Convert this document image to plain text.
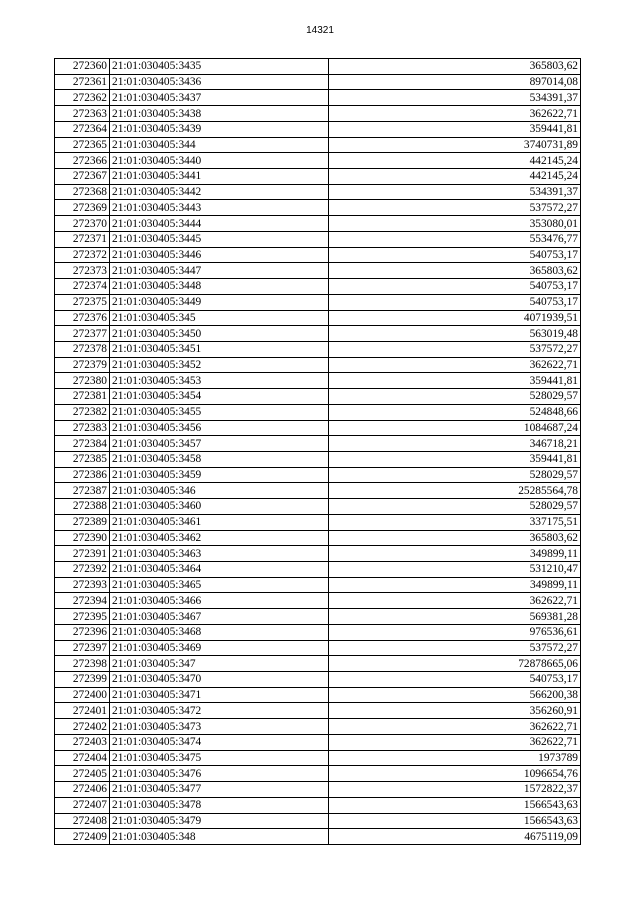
14321
272360	21:01:030405:3435	365803,62
272361	21:01:030405:3436	897014,08
272362	21:01:030405:3437	534391,37
272363	21:01:030405:3438	362622,71
272364	21:01:030405:3439	359441,81
272365	21:01:030405:344	3740731,89
272366	21:01:030405:3440	442145,24
272367	21:01:030405:3441	442145,24
272368	21:01:030405:3442	534391,37
272369	21:01:030405:3443	537572,27
272370	21:01:030405:3444	353080,01
272371	21:01:030405:3445	553476,77
272372	21:01:030405:3446	540753,17
272373	21:01:030405:3447	365803,62
272374	21:01:030405:3448	540753,17
272375	21:01:030405:3449	540753,17
272376	21:01:030405:345	4071939,51
272377	21:01:030405:3450	563019,48
272378	21:01:030405:3451	537572,27
272379	21:01:030405:3452	362622,71
272380	21:01:030405:3453	359441,81
272381	21:01:030405:3454	528029,57
272382	21:01:030405:3455	524848,66
272383	21:01:030405:3456	1084687,24
272384	21:01:030405:3457	346718,21
272385	21:01:030405:3458	359441,81
272386	21:01:030405:3459	528029,57
272387	21:01:030405:346	25285564,78
272388	21:01:030405:3460	528029,57
272389	21:01:030405:3461	337175,51
272390	21:01:030405:3462	365803,62
272391	21:01:030405:3463	349899,11
272392	21:01:030405:3464	531210,47
272393	21:01:030405:3465	349899,11
272394	21:01:030405:3466	362622,71
272395	21:01:030405:3467	569381,28
272396	21:01:030405:3468	976536,61
272397	21:01:030405:3469	537572,27
272398	21:01:030405:347	72878665,06
272399	21:01:030405:3470	540753,17
272400	21:01:030405:3471	566200,38
272401	21:01:030405:3472	356260,91
272402	21:01:030405:3473	362622,71
272403	21:01:030405:3474	362622,71
272404	21:01:030405:3475	1973789
272405	21:01:030405:3476	1096654,76
272406	21:01:030405:3477	1572822,37
272407	21:01:030405:3478	1566543,63
272408	21:01:030405:3479	1566543,63
272409	21:01:030405:348	4675119,09
